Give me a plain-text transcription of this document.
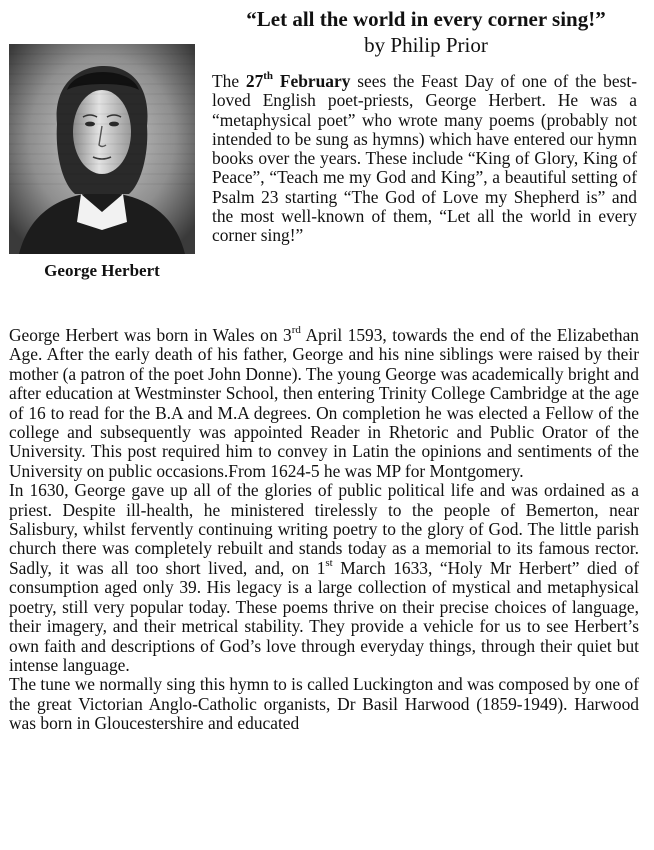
“Let all the world in every corner sing!”
by Philip Prior
George Herbert
The 27th February sees the Feast Day of one of the best-loved English poet-priests, George Herbert. He was a “metaphysical poet” who wrote many poems (probably not intended to be sung as hymns) which have entered our hymn books over the years. These include “King of Glory, King of Peace”, “Teach me my God and King”, a beautiful setting of Psalm 23 starting “The God of Love my Shepherd is” and the most well-known of them, “Let all the world in every corner sing!”

George Herbert was born in Wales on 3rd April 1593, towards the end of the Elizabethan Age. After the early death of his father, George and his nine siblings were raised by their mother (a patron of the poet John Donne). The young George was academically bright and after education at Westminster School, then entering Trinity College Cambridge at the age of 16 to read for the B.A and M.A degrees. On completion he was elected a Fellow of the college and subsequently was appointed Reader in Rhetoric and Public Orator of the University. This post required him to convey in Latin the opinions and sentiments of the University on public occasions.From 1624-5 he was MP for Montgomery.

In 1630, George gave up all of the glories of public political life and was ordained as a priest. Despite ill-health, he ministered tirelessly to the people of Bemerton, near Salisbury, whilst fervently continuing writing poetry to the glory of God. The little parish church there was completely rebuilt and stands today as a memorial to its famous rector. Sadly, it was all too short lived, and, on 1st March 1633, “Holy Mr Herbert” died of consumption aged only 39. His legacy is a large collection of mystical and metaphysical poetry, still very popular today. These poems thrive on their precise choices of language, their imagery, and their metrical stability. They provide a vehicle for us to see Herbert’s own faith and descriptions of God’s love through everyday things, through their quiet but intense language.

The tune we normally sing this hymn to is called Luckington and was composed by one of the great Victorian Anglo-Catholic organists, Dr Basil Harwood (1859-1949). Harwood was born in Gloucestershire and educated
